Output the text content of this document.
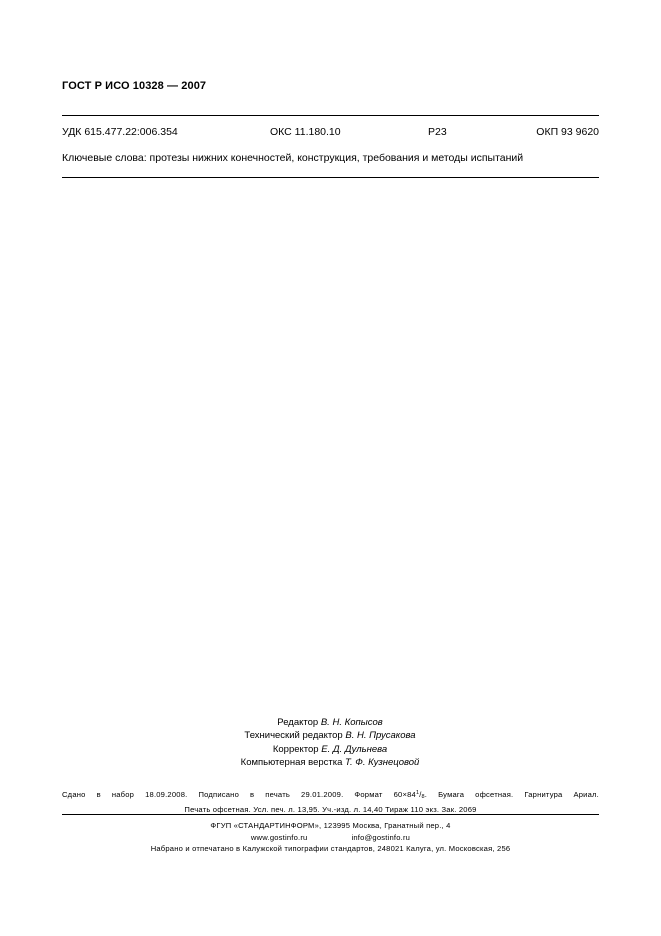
ГОСТ Р ИСО 10328 — 2007
УДК 615.477.22:006.354	ОКС 11.180.10	Р23	ОКП 93 9620
Ключевые слова: протезы нижних конечностей, конструкция, требования и методы испытаний
Редактор В. Н. Копысов
Технический редактор В. Н. Прусакова
Корректор Е. Д. Дульнева
Компьютерная верстка Т. Ф. Кузнецовой
Сдано в набор 18.09.2008. Подписано в печать 29.01.2009. Формат $60\times 84^1/_8$. Бумага офсетная. Гарнитура Ариал.
Печать офсетная. Усл. печ. л. 13,95. Уч.-изд. л. 14,40 Тираж 110 экз. Зак. 2069
ФГУП «СТАНДАРТИНФОРМ», 123995 Москва, Гранатный пер., 4
www.gostinfo.ru	info@gostinfo.ru
Набрано и отпечатано в Калужской типографии стандартов, 248021 Калуга, ул. Московская, 256
